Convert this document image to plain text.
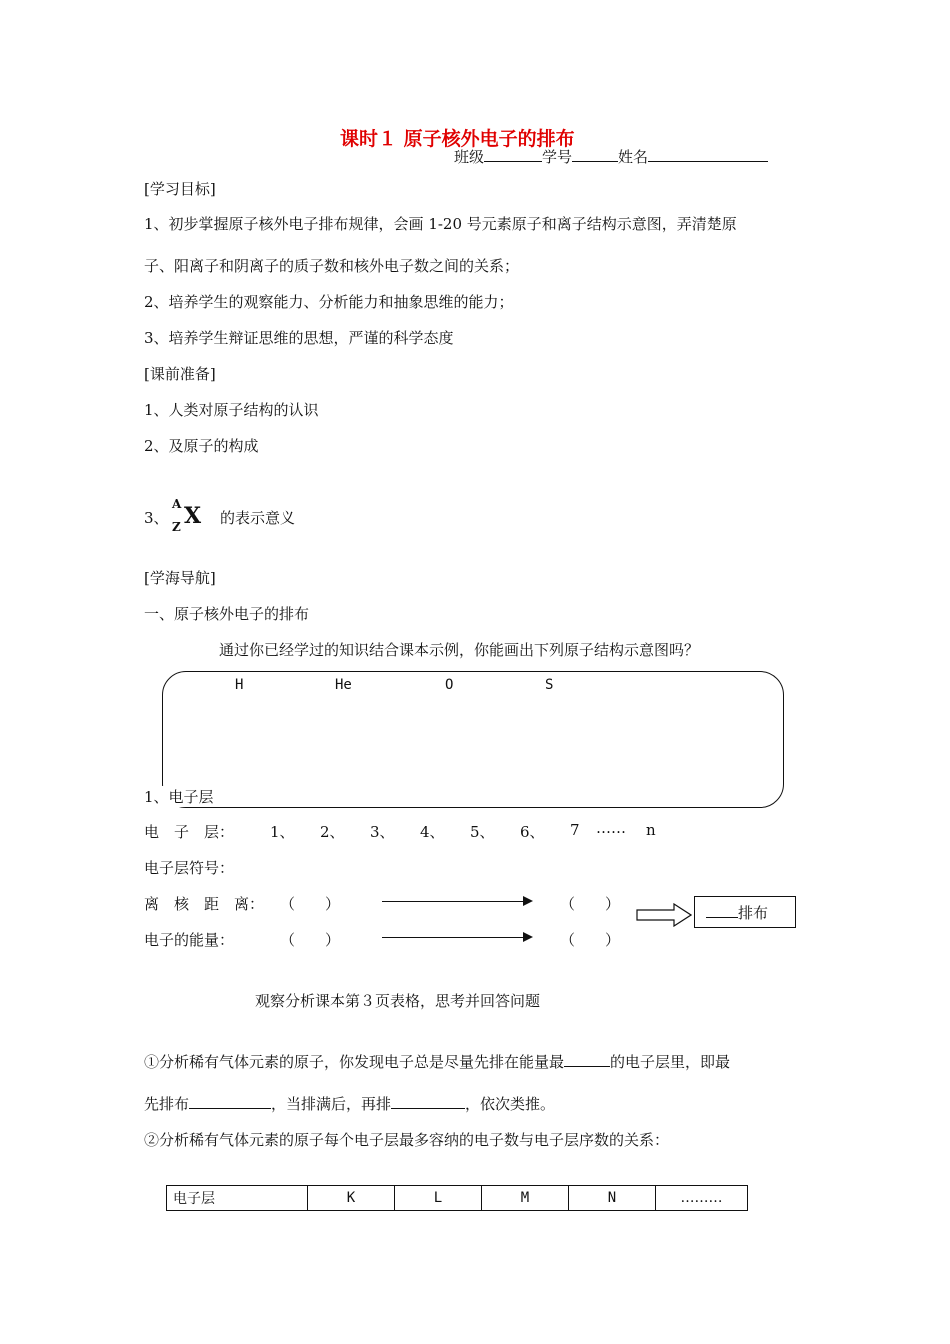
课时１ 原子核外电子的排布
班级	学号	姓名
[学习目标]
1、初步掌握原子核外电子排布规律，会画 1-20 号元素原子和离子结构示意图，弄清楚原
子、阳离子和阴离子的质子数和核外电子数之间的关系；
2、培养学生的观察能力、分析能力和抽象思维的能力；
3、培养学生辩证思维的思想，严谨的科学态度
[课前准备]
1、人类对原子结构的认识
2、及原子的构成
3、
A
Z X 的表示意义
[学海导航]
一、原子核外电子的排布
通过你已经学过的知识结合课本示例，你能画出下列原子结构示意图吗？
H	He	O	S
1、电子层
电　子　层： 1、 2、 3、 4、 5、 6、 7 …… n
电子层符号：
离　核　距　离： （　　）	（　　）	排布
电子的能量：	（　　）	（　　）
观察分析课本第３页表格，思考并回答问题
①分析稀有气体元素的原子，你发现电子总是尽量先排在能量最	的电子层里，即最
先排布	，当排满后，再排	，依次类推。
②分析稀有气体元素的原子每个电子层最多容纳的电子数与电子层序数的关系：
电子层	K	L	M	N	………
